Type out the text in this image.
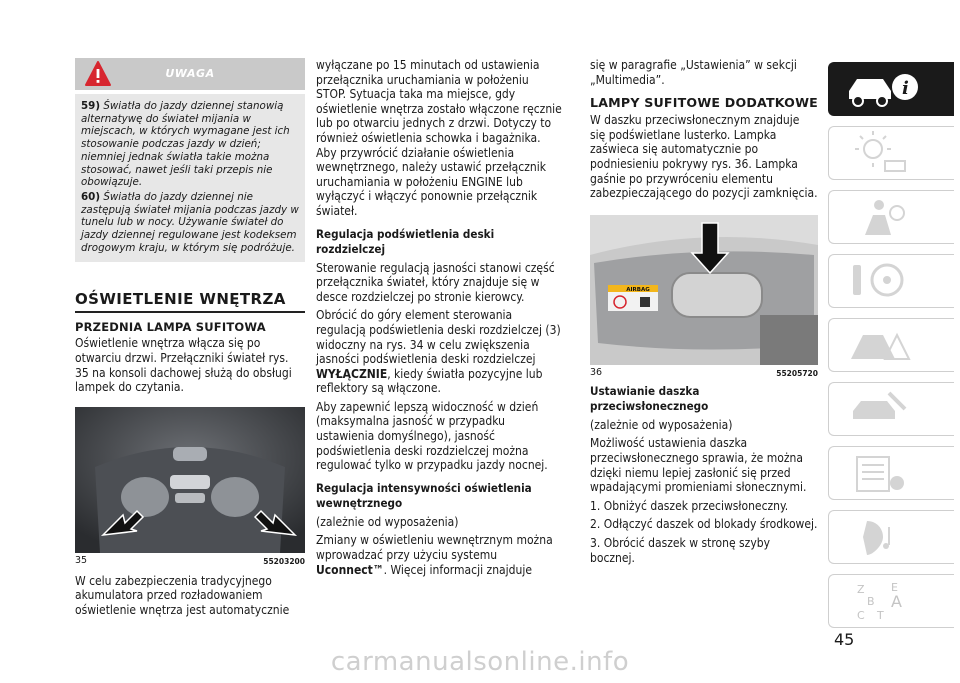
UWAGA
59) Światła do jazdy dziennej stanowią alternatywę do świateł mijania w miejscach, w których wymagane jest ich stosowanie podczas jazdy w dzień; niemniej jednak światła takie można stosować, nawet jeśli taki przepis nie obowiązuje.
60) Światła do jazdy dziennej nie zastępują świateł mijania podczas jazdy w tunelu lub w nocy. Używanie świateł do jazdy dziennej regulowane jest kodeksem drogowym kraju, w którym się podróżuje.
OŚWIETLENIE WNĘTRZA
PRZEDNIA LAMPA SUFITOWA

Oświetlenie wnętrza włącza się po otwarciu drzwi. Przełączniki świateł rys. 35 na konsoli dachowej służą do obsługi lampek do czytania.

35	55203200

W celu zabezpieczenia tradycyjnego akumulatora przed rozładowaniem oświetlenie wnętrza jest automatycznie

wyłączane po 15 minutach od ustawienia przełącznika uruchamiania w położeniu STOP. Sytuacja taka ma miejsce, gdy oświetlenie wnętrza zostało włączone ręcznie lub po otwarciu jednych z drzwi. Dotyczy to również oświetlenia schowka i bagażnika. Aby przywrócić działanie oświetlenia wewnętrznego, należy ustawić przełącznik uruchamiania w położeniu ENGINE lub wyłączyć i włączyć ponownie przełącznik świateł.

Regulacja podświetlenia deski rozdzielczej

Sterowanie regulacją jasności stanowi część przełącznika świateł, który znajduje się w desce rozdzielczej po stronie kierowcy.

Obrócić do góry element sterowania regulacją podświetlenia deski rozdzielczej (3) widoczny na rys. 34 w celu zwiększenia jasności podświetlenia deski rozdzielczej WYŁĄCZNIE, kiedy światła pozycyjne lub reflektory są włączone.

Aby zapewnić lepszą widoczność w dzień (maksymalna jasność w przypadku ustawienia domyślnego), jasność podświetlenia deski rozdzielczej można regulować tylko w przypadku jazdy nocnej.

Regulacja intensywności oświetlenia wewnętrznego

(zależnie od wyposażenia)

Zmiany w oświetleniu wewnętrznym można wprowadzać przy użyciu systemu Uconnect™. Więcej informacji znajduje

się w paragrafie „Ustawienia” w sekcji „Multimedia”.

LAMPY SUFITOWE DODATKOWE

W daszku przeciwsłonecznym znajduje się podświetlane lusterko. Lampka zaświeca się automatycznie po podniesieniu pokrywy rys. 36. Lampka gaśnie po przywróceniu elementu zabezpieczającego do pozycji zamknięcia.

AIRBAG
36	55205720
Ustawianie daszka przeciwsłonecznego

(zależnie od wyposażenia)

Możliwość ustawienia daszka przeciwsłonecznego sprawia, że można dzięki niemu lepiej zasłonić się przed wpadającymi promieniami słonecznymi.

1. Obniżyć daszek przeciwsłoneczny.

2. Odłączyć daszek od blokady środkowej.

3. Obrócić daszek w stronę szyby bocznej.

i
Z E
B A
C T
45
carmanualsonline.info
